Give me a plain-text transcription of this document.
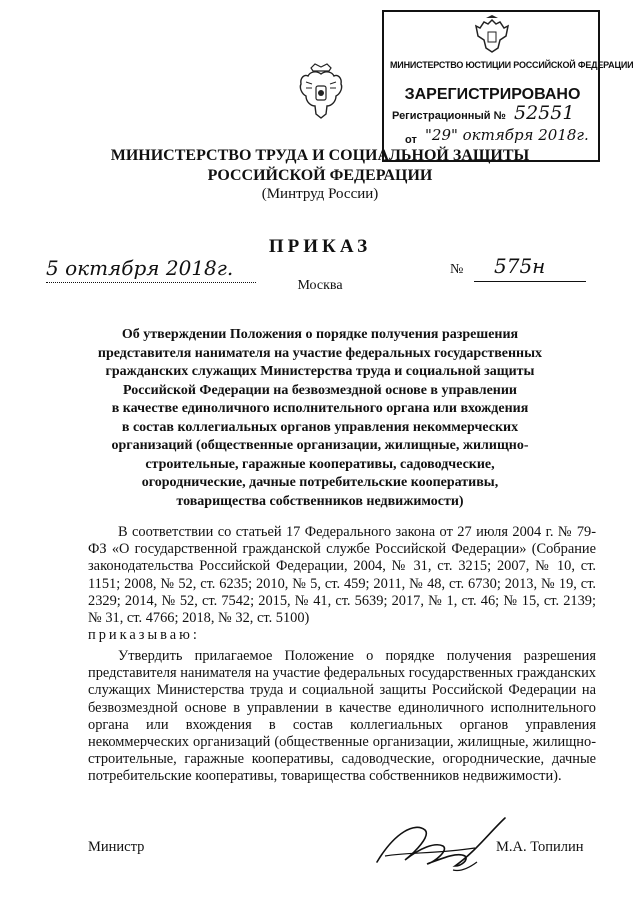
МИНИСТЕРСТВО ЮСТИЦИИ РОССИЙСКОЙ ФЕДЕРАЦИИ
ЗАРЕГИСТРИРОВАНО
Регистрационный № 52551
от "29" октября 2018г.
МИНИСТЕРСТВО ТРУДА И СОЦИАЛЬНОЙ ЗАЩИТЫ
РОССИЙСКОЙ ФЕДЕРАЦИИ
(Минтруд России)
ПРИКАЗ
5 октября 2018г.	№ 575н
Москва
Об утверждении Положения о порядке получения разрешения
представителя нанимателя на участие федеральных государственных
гражданских служащих Министерства труда и социальной защиты
Российской Федерации на безвозмездной основе в управлении
в качестве единоличного исполнительного органа или вхождения
в состав коллегиальных органов управления некоммерческих
организаций (общественные организации, жилищные, жилищно-
строительные, гаражные кооперативы, садоводческие,
огороднические, дачные потребительские кооперативы,
товарищества собственников недвижимости)
В соответствии со статьей 17 Федерального закона от 27 июля 2004 г. № 79-ФЗ «О государственной гражданской службе Российской Федерации» (Собрание законодательства Российской Федерации, 2004, № 31, ст. 3215; 2007, № 10, ст. 1151; 2008, № 52, ст. 6235; 2010, № 5, ст. 459; 2011, № 48, ст. 6730; 2013, № 19, ст. 2329; 2014, № 52, ст. 7542; 2015, № 41, ст. 5639; 2017, № 1, ст. 46; № 15, ст. 2139; № 31, ст. 4766; 2018, № 32, ст. 5100)
приказываю:
Утвердить прилагаемое Положение о порядке получения разрешения представителя нанимателя на участие федеральных государственных гражданских служащих Министерства труда и социальной защиты Российской Федерации на безвозмездной основе в управлении в качестве единоличного исполнительного органа или вхождения в состав коллегиальных органов управления некоммерческих организаций (общественные организации, жилищные, жилищно-строительные, гаражные кооперативы, садоводческие, огороднические, дачные потребительские кооперативы, товарищества собственников недвижимости).
Министр	М.А. Топилин
